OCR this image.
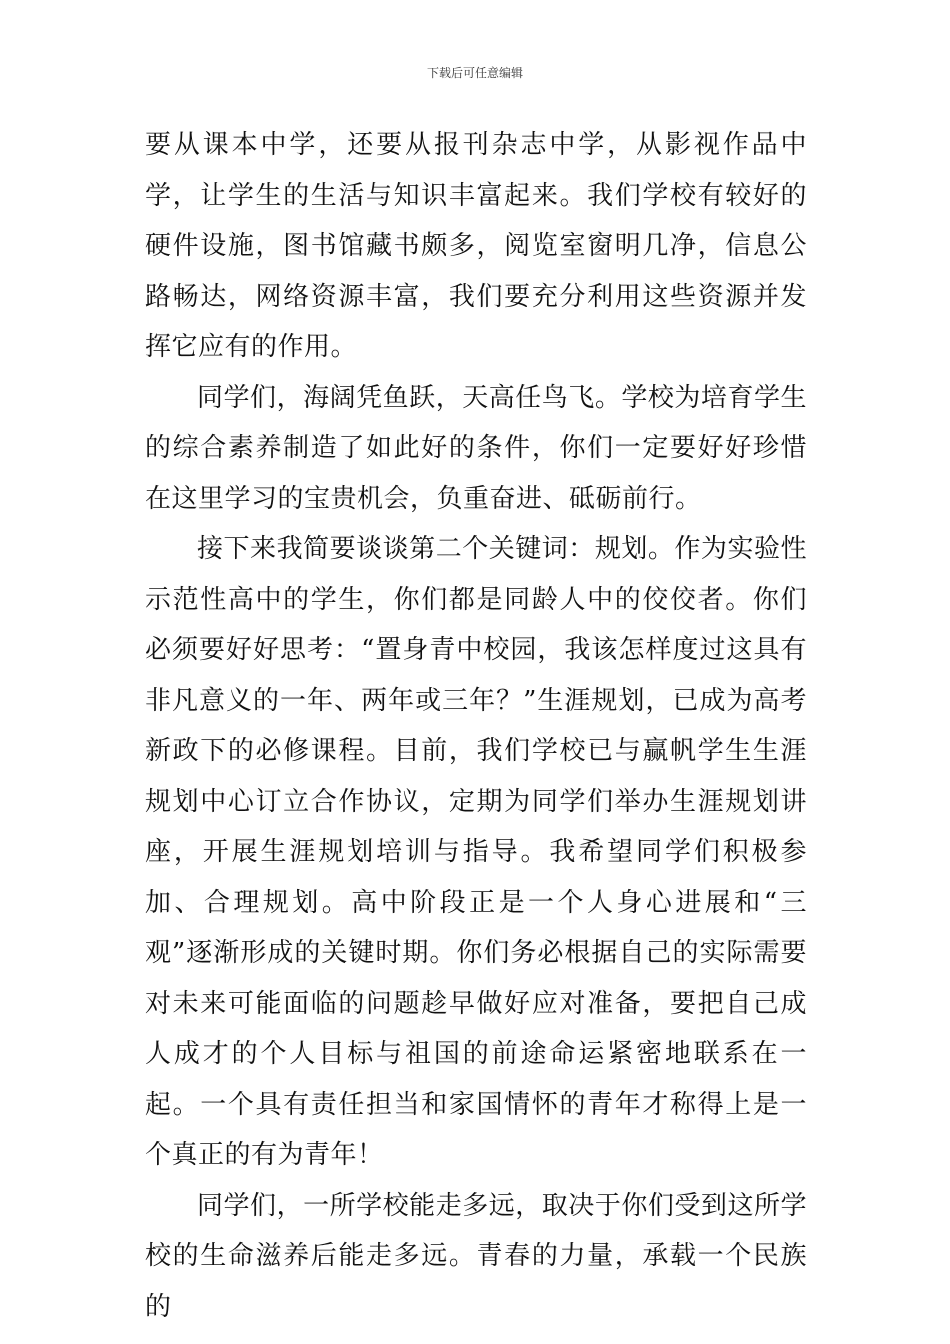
下载后可任意编辑

要从课本中学，还要从报刊杂志中学，从影视作品中学，让学生的生活与知识丰富起来。我们学校有较好的硬件设施，图书馆藏书颇多，阅览室窗明几净，信息公路畅达，网络资源丰富，我们要充分利用这些资源并发挥它应有的作用。

同学们，海阔凭鱼跃，天高任鸟飞。学校为培育学生的综合素养制造了如此好的条件，你们一定要好好珍惜在这里学习的宝贵机会，负重奋进、砥砺前行。

接下来我简要谈谈第二个关键词：规划。作为实验性示范性高中的学生，你们都是同龄人中的佼佼者。你们必须要好好思考：“置身青中校园，我该怎样度过这具有非凡意义的一年、两年或三年？”生涯规划，已成为高考新政下的必修课程。目前，我们学校已与赢帆学生生涯规划中心订立合作协议，定期为同学们举办生涯规划讲座，开展生涯规划培训与指导。我希望同学们积极参加、合理规划。高中阶段正是一个人身心进展和“三观”逐渐形成的关键时期。你们务必根据自己的实际需要对未来可能面临的问题趁早做好应对准备，要把自己成人成才的个人目标与祖国的前途命运紧密地联系在一起。一个具有责任担当和家国情怀的青年才称得上是一个真正的有为青年！

同学们，一所学校能走多远，取决于你们受到这所学校的生命滋养后能走多远。青春的力量，承载一个民族的
